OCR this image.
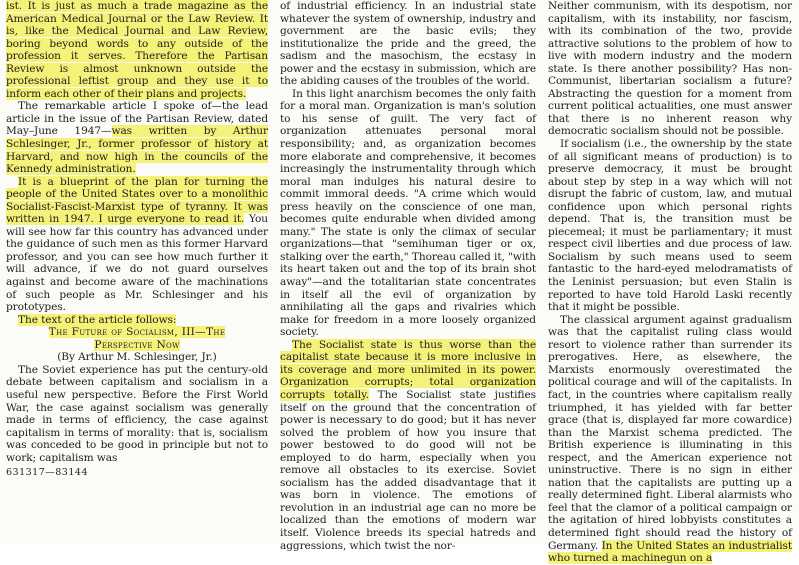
ist. It is just as much a trade magazine as the American Medical Journal or the Law Review. It is, like the Medical Journal and Law Review, boring beyond words to any outside of the profession it serves. Therefore the Partisan Review is almost unknown outside the professional leftist group and they use it to inform each other of their plans and projects.

The remarkable article I spoke of—the lead article in the issue of the Partisan Review, dated May–June 1947—was written by Arthur Schlesinger, Jr., former professor of history at Harvard, and now high in the councils of the Kennedy administration.

It is a blueprint of the plan for turning the people of the United States over to a monolithic Socialist-Fascist-Marxist type of tyranny. It was written in 1947. I urge everyone to read it. You will see how far this country has advanced under the guidance of such men as this former Harvard professor, and you can see how much further it will advance, if we do not guard ourselves against and become aware of the machinations of such people as Mr. Schlesinger and his prototypes.

The text of the article follows:

The Future of Socialism, III—The
Perspective Now

(By Arthur M. Schlesinger, Jr.)

The Soviet experience has put the century-old debate between capitalism and socialism in a useful new perspective. Before the First World War, the case against socialism was generally made in terms of efficiency, the case against capitalism in terms of morality: that is, socialism was conceded to be good in principle but not to work; capitalism was

631317—83144

of industrial efficiency. In an industrial state whatever the system of ownership, industry and government are the basic evils; they institutionalize the pride and the greed, the sadism and the masochism, the ecstasy in power and the ecstasy in submission, which are the abiding causes of the troubles of the world.

In this light anarchism becomes the only faith for a moral man. Organization is man's solution to his sense of guilt. The very fact of organization attenuates personal moral responsibility; and, as organization becomes more elaborate and comprehensive, it becomes increasingly the instrumentality through which moral man indulges his natural desire to commit immoral deeds. "A crime which would press heavily on the conscience of one man, becomes quite endurable when divided among many." The state is only the climax of secular organizations—that "semihuman tiger or ox, stalking over the earth," Thoreau called it, "with its heart taken out and the top of its brain shot away"—and the totalitarian state concentrates in itself all the evil of organization by annihilating all the gaps and rivalries which make for freedom in a more loosely organized society.

The Socialist state is thus worse than the capitalist state because it is more inclusive in its coverage and more unlimited in its power. Organization corrupts; total organization corrupts totally. The Socialist state justifies itself on the ground that the concentration of power is necessary to do good; but it has never solved the problem of how you insure that power bestowed to do good will not be employed to do harm, especially when you remove all obstacles to its exercise. Soviet socialism has the added disadvantage that it was born in violence. The emotions of revolution in an industrial age can no more be localized than the emotions of modern war itself. Violence breeds its special hatreds and aggressions, which twist the nor-

Neither communism, with its despotism, nor capitalism, with its instability, nor fascism, with its combination of the two, provide attractive solutions to the problem of how to live with modern industry and the modern state. Is there another possibility? Has non-Communist, libertarian socialism a future? Abstracting the question for a moment from current political actualities, one must answer that there is no inherent reason why democratic socialism should not be possible.

If socialism (i.e., the ownership by the state of all significant means of production) is to preserve democracy, it must be brought about step by step in a way which will not disrupt the fabric of custom, law, and mutual confidence upon which personal rights depend. That is, the transition must be piecemeal; it must be parliamentary; it must respect civil liberties and due process of law. Socialism by such means used to seem fantastic to the hard-eyed melodramatists of the Leninist persuasion; but even Stalin is reported to have told Harold Laski recently that it might be possible.

The classical argument against gradualism was that the capitalist ruling class would resort to violence rather than surrender its prerogatives. Here, as elsewhere, the Marxists enormously overestimated the political courage and will of the capitalists. In fact, in the countries where capitalism really triumphed, it has yielded with far better grace (that is, displayed far more cowardice) than the Marxist schema predicted. The British experience is illuminating in this respect, and the American experience not uninstructive. There is no sign in either nation that the capitalists are putting up a really determined fight. Liberal alarmists who feel that the clamor of a political campaign or the agitation of hired lobbyists constitutes a determined fight should read the history of Germany. In the United States an industrialist who turned a machinegun on a
